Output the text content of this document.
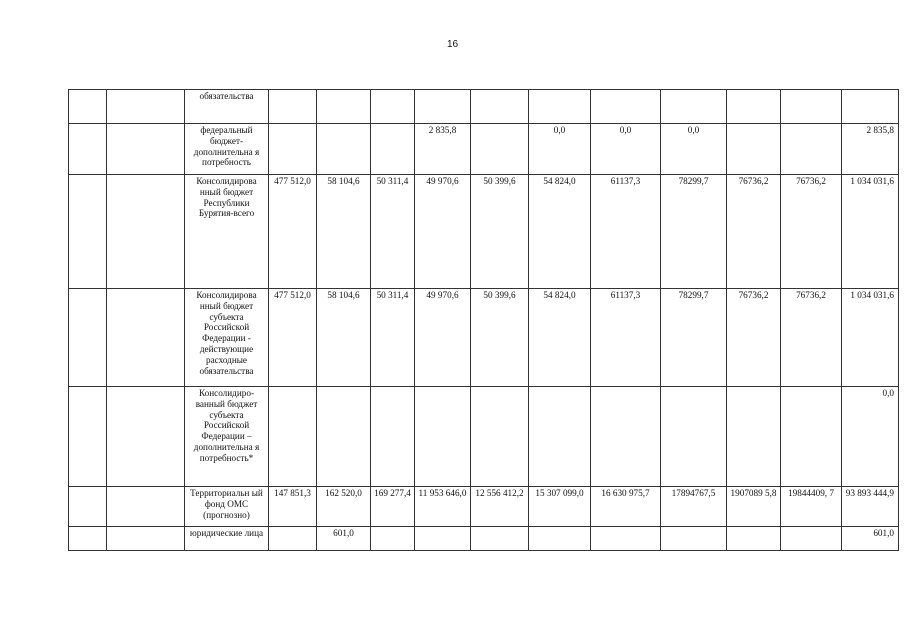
16
		обязательства											
		федеральный бюджет-дополнительна я потребность				2 835,8		0,0	0,0	0,0			2 835,8
		Консолидирова нный бюджет Республики Бурятия-всего	477 512,0	58 104,6	50 311,4	49 970,6	50 399,6	54 824,0	61137,3	78299,7	76736,2	76736,2	1 034 031,6
		Консолидирова нный бюджет субъекта Российской Федерации - действующие расходные обязательства	477 512,0	58 104,6	50 311,4	49 970,6	50 399,6	54 824,0	61137,3	78299,7	76736,2	76736,2	1 034 031,6
		Консолидиро-ванный бюджет субъекта Российской Федерации – дополнительна я потребность*											0,0
		Территориальн ый фонд ОМС (прогнозно)	147 851,3	162 520,0	169 277,4	11 953 646,0	12 556 412,2	15 307 099,0	16 630 975,7	17894767,5	1907089 5,8	19844409, 7	93 893 444,9
		юридические лица		601,0									601,0
